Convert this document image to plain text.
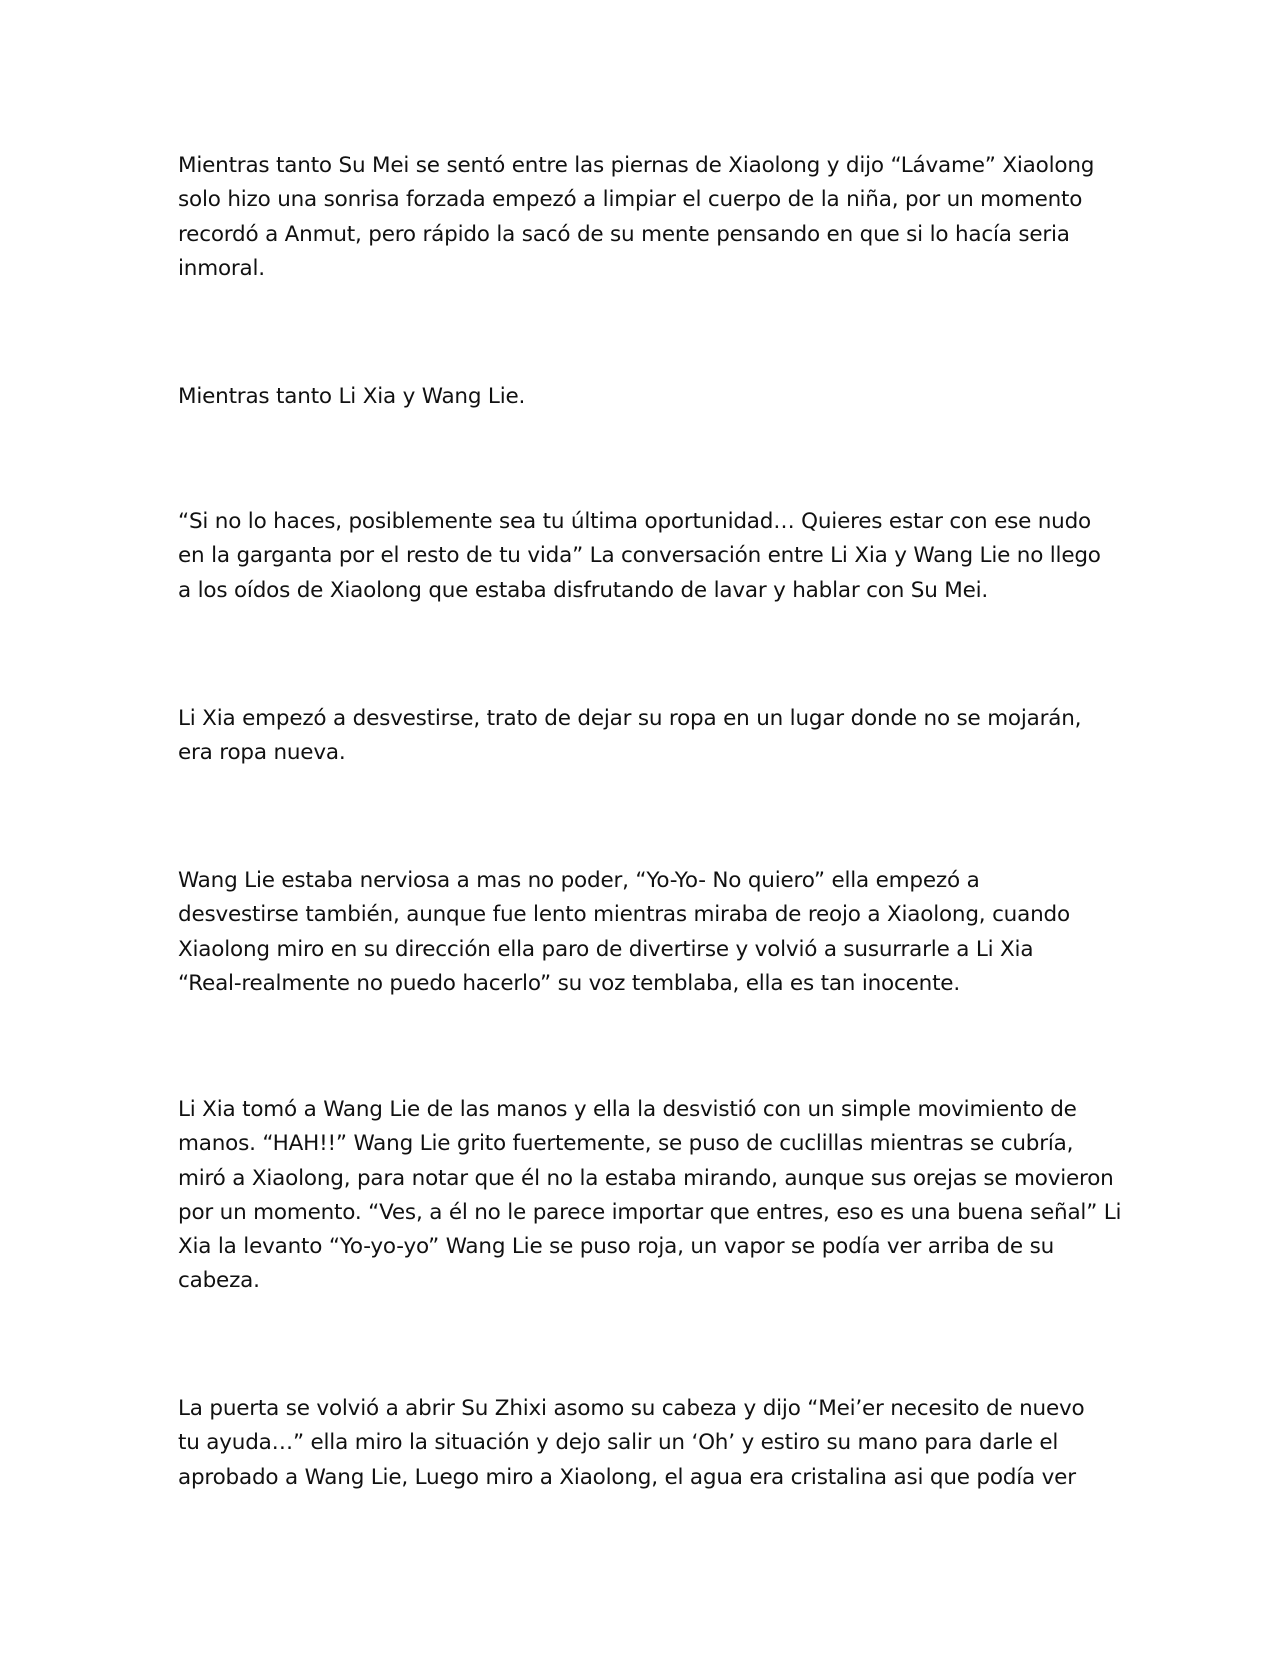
Mientras tanto Su Mei se sentó entre las piernas de Xiaolong y dijo “Lávame” Xiaolong
solo hizo una sonrisa forzada empezó a limpiar el cuerpo de la niña, por un momento
recordó a Anmut, pero rápido la sacó de su mente pensando en que si lo hacía seria
inmoral.

Mientras tanto Li Xia y Wang Lie.

“Si no lo haces, posiblemente sea tu última oportunidad… Quieres estar con ese nudo
en la garganta por el resto de tu vida” La conversación entre Li Xia y Wang Lie no llego
a los oídos de Xiaolong que estaba disfrutando de lavar y hablar con Su Mei.

Li Xia empezó a desvestirse, trato de dejar su ropa en un lugar donde no se mojarán,
era ropa nueva.

Wang Lie estaba nerviosa a mas no poder, “Yo-Yo- No quiero” ella empezó a
desvestirse también, aunque fue lento mientras miraba de reojo a Xiaolong, cuando
Xiaolong miro en su dirección ella paro de divertirse y volvió a susurrarle a Li Xia
“Real-realmente no puedo hacerlo” su voz temblaba, ella es tan inocente.

Li Xia tomó a Wang Lie de las manos y ella la desvistió con un simple movimiento de
manos. “HAH!!” Wang Lie grito fuertemente, se puso de cuclillas mientras se cubría,
miró a Xiaolong, para notar que él no la estaba mirando, aunque sus orejas se movieron
por un momento. “Ves, a él no le parece importar que entres, eso es una buena señal” Li
Xia la levanto “Yo-yo-yo” Wang Lie se puso roja, un vapor se podía ver arriba de su
cabeza.

La puerta se volvió a abrir Su Zhixi asomo su cabeza y dijo “Mei’er necesito de nuevo
tu ayuda…” ella miro la situación y dejo salir un ‘Oh’ y estiro su mano para darle el
aprobado a Wang Lie, Luego miro a Xiaolong, el agua era cristalina asi que podía ver
